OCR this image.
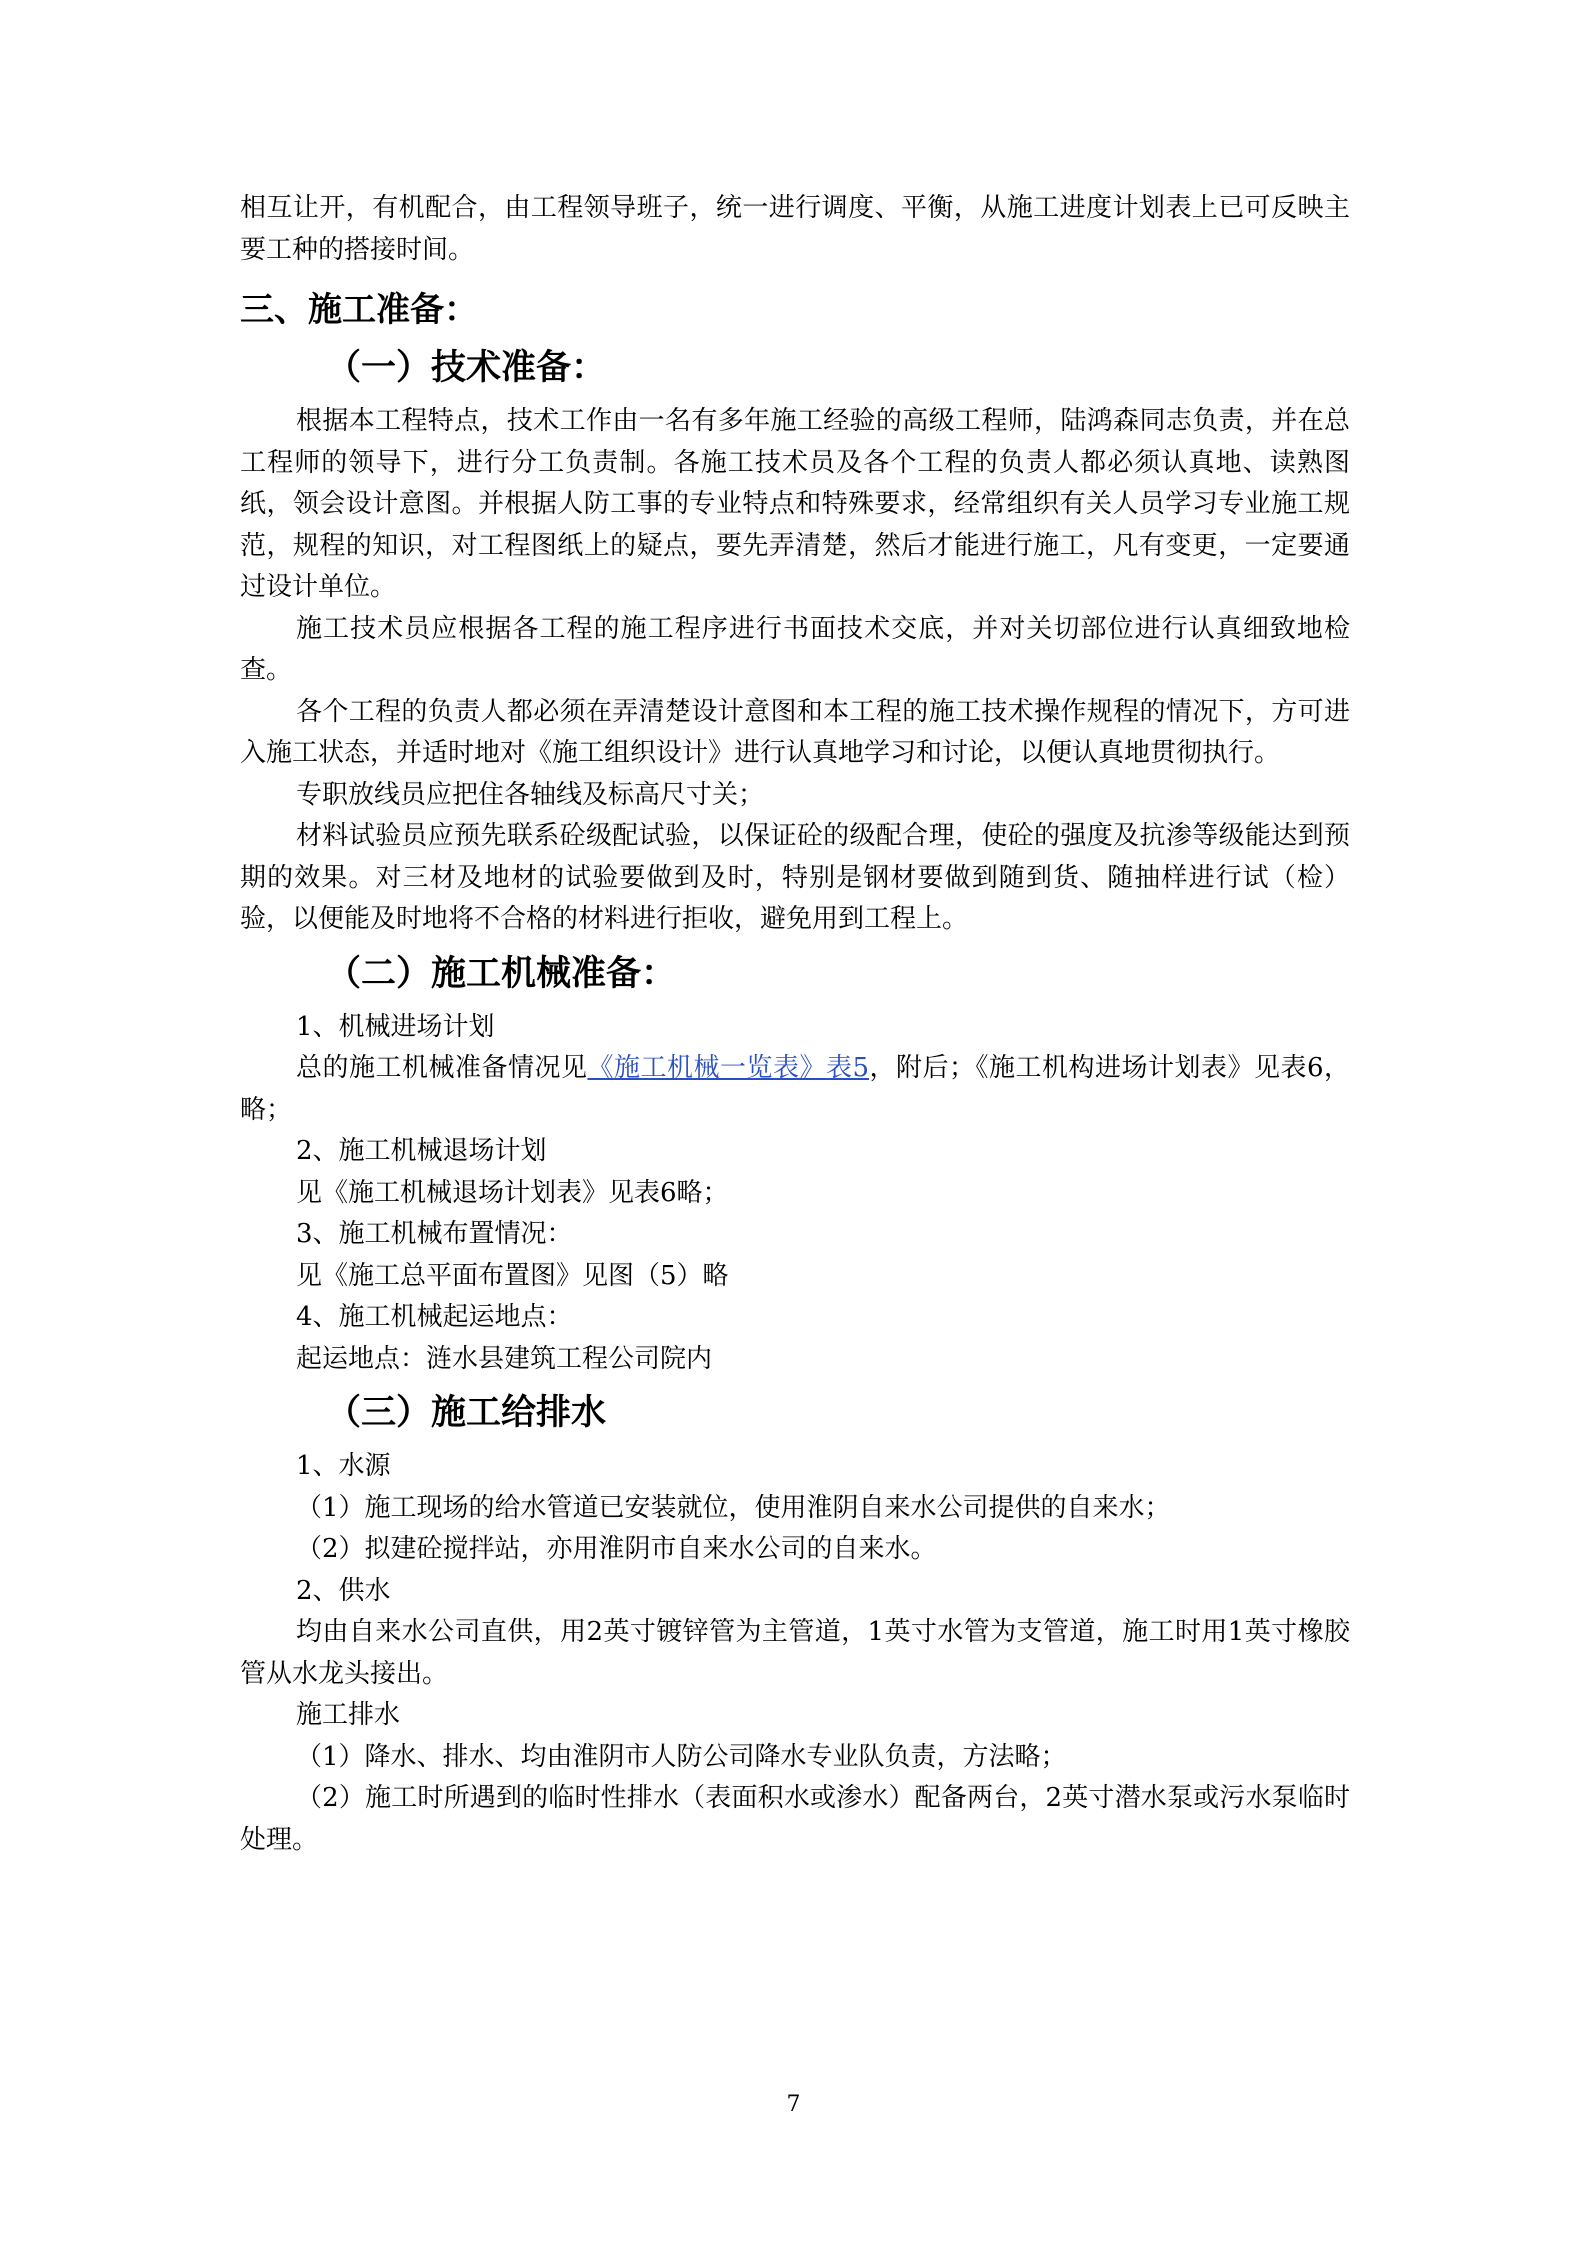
相互让开，有机配合，由工程领导班子，统一进行调度、平衡，从施工进度计划表上已可反映主要工种的搭接时间。

三、施工准备：
（一）技术准备：

根据本工程特点，技术工作由一名有多年施工经验的高级工程师，陆鸿森同志负责，并在总工程师的领导下，进行分工负责制。各施工技术员及各个工程的负责人都必须认真地、读熟图纸，领会设计意图。并根据人防工事的专业特点和特殊要求，经常组织有关人员学习专业施工规范，规程的知识，对工程图纸上的疑点，要先弄清楚，然后才能进行施工，凡有变更，一定要通过设计单位。

施工技术员应根据各工程的施工程序进行书面技术交底，并对关切部位进行认真细致地检查。

各个工程的负责人都必须在弄清楚设计意图和本工程的施工技术操作规程的情况下，方可进入施工状态，并适时地对《施工组织设计》进行认真地学习和讨论，以便认真地贯彻执行。

专职放线员应把住各轴线及标高尺寸关；

材料试验员应预先联系砼级配试验，以保证砼的级配合理，使砼的强度及抗渗等级能达到预期的效果。对三材及地材的试验要做到及时，特别是钢材要做到随到货、随抽样进行试（检）验，以便能及时地将不合格的材料进行拒收，避免用到工程上。

（二）施工机械准备：

1、机械进场计划

总的施工机械准备情况见《施工机械一览表》表5，附后；《施工机构进场计划表》见表6，略；

2、施工机械退场计划

见《施工机械退场计划表》见表6略；

3、施工机械布置情况：

见《施工总平面布置图》见图（5）略

4、施工机械起运地点：

起运地点：涟水县建筑工程公司院内

（三）施工给排水

1、水源

（1）施工现场的给水管道已安装就位，使用淮阴自来水公司提供的自来水；

（2）拟建砼搅拌站，亦用淮阴市自来水公司的自来水。

2、供水

均由自来水公司直供，用2英寸镀锌管为主管道，1英寸水管为支管道，施工时用1英寸橡胶管从水龙头接出。

施工排水

（1）降水、排水、均由淮阴市人防公司降水专业队负责，方法略；

（2）施工时所遇到的临时性排水（表面积水或渗水）配备两台，2英寸潜水泵或污水泵临时处理。

7
